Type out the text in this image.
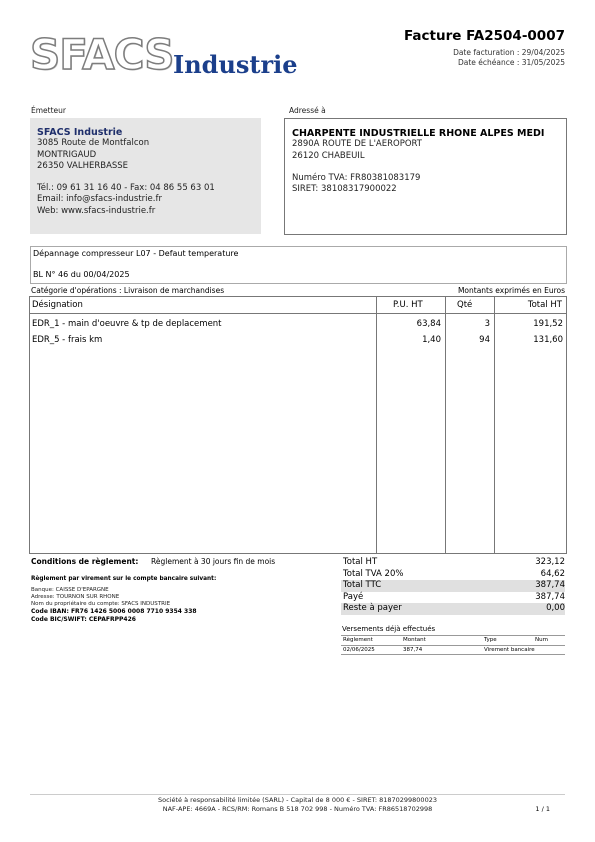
SFACS Industrie
Facture FA2504-0007
Date facturation : 29/04/2025
Date échéance : 31/05/2025
Émetteur
SFACS Industrie
3085 Route de Montfalcon
MONTRIGAUD
26350 VALHERBASSE
Tél.: 09 61 31 16 40 - Fax: 04 86 55 63 01
Email: info@sfacs-industrie.fr
Web: www.sfacs-industrie.fr
Adressé à
CHARPENTE INDUSTRIELLE RHONE ALPES MEDI
2890A ROUTE DE L'AEROPORT
26120 CHABEUIL
Numéro TVA: FR80381083179
SIRET: 38108317900022
Dépannage compresseur L07 - Defaut temperature
BL N° 46 du 00/04/2025
Catégorie d'opérations : Livraison de marchandises	Montants exprimés en Euros
Désignation	P.U. HT	Qté	Total HT
EDR_1 - main d'oeuvre & tp de deplacement	63,84	3	191,52
EDR_5 - frais km	1,40	94	131,60
Conditions de règlement: Règlement à 30 jours fin de mois
Règlement par virement sur le compte bancaire suivant:
Banque: CAISSE D'EPARGNE
Adresse: TOURNON SUR RHONE
Nom du propriétaire du compte: SFACS INDUSTRIE
Code IBAN: FR76 1426 5006 0008 7710 9354 338
Code BIC/SWIFT: CEPAFRPP426
Total HT	323,12
Total TVA 20%	64,62
Total TTC	387,74
Payé	387,74
Reste à payer	0,00
Versements déjà effectués
Règlement	Montant	Type	Num
02/06/2025	387,74	Virement bancaire
Société à responsabilité limitée (SARL) - Capital de 8 000 € - SIRET: 81870299800023
NAF-APE: 4669A - RCS/RM: Romans B 518 702 998 - Numéro TVA: FR86518702998	1 / 1
